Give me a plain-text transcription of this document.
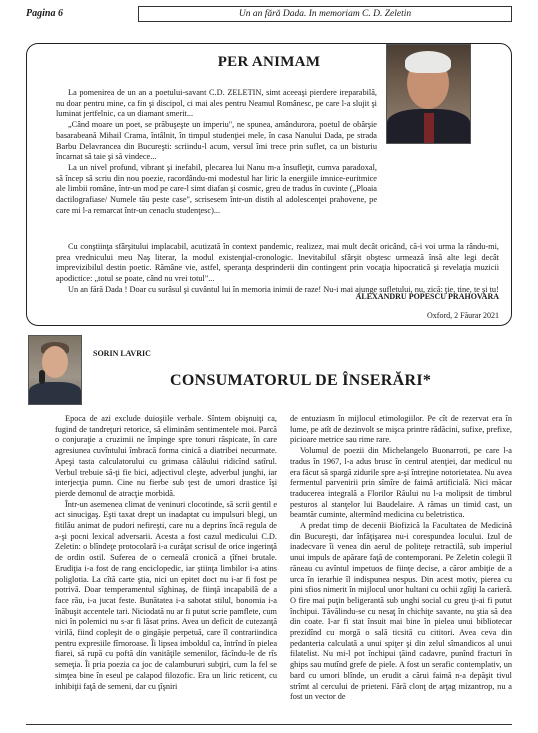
Pagina 6	Un an fără Dada. In memoriam C. D. Zeletin
PER ANIMAM

La pomenirea de un an a poetului-savant C.D. ZELETIN, simt aceeaşi pierdere ireparabilă, nu doar pentru mine, ca fin şi discipol, ci mai ales pentru Neamul Românesc, pe care l-a slujit şi luminat jertfelnic, ca un diamant smerit...

„Când moare un poet, se prăbuşeşte un imperiu", ne spunea, amândurora, poetul de obârşie basarabeană Mihail Crama, întâlnit, în timpul studenţiei mele, în casa Nanului Dada, pe strada Barbu Delavrancea din Bucureşti: scriindu-l acum, versul îmi trece prin suflet, ca un bisturiu încarnat să taie şi să vindece...

La un nivel profund, vibrant şi inefabil, plecarea lui Nanu m-a însufleţit, cumva paradoxal, să încep să scriu din nou poezie, racordându-mi modestul har liric la energiile imnice-euritmice ale limbii române, într-un mod pe care-l simt diafan şi cosmic, greu de tradus în cuvinte („Ploaia dactilografiase/ Numele tău peste case", scrisesem într-un distih al adolescenţei prahovene, pe care mi l-a remarcat într-un cenaclu studenţesc)...

Cu conştiinţa sfârşitului implacabil, acutizată în context pandemic, realizez, mai mult decât oricând, că-i voi urma la rându-mi, prea vrednicului meu Naş literar, la modul existenţial-cronologic. Inevitabilul sfârşit obştesc urmează însă alte legi decât imprevizibilul destin poetic. Rămâne vie, astfel, speranţa desprinderii din contingent prin vocaţia hipocratică şi revelaţia muzicii apodictice: „totul se poate, când nu vrei totul"...

Un an fără Dada ! Doar cu surâsul şi cuvântul lui în memoria inimii de raze! Nu-i mai ajunge sufletului, nu, zică: ţie, tine, te şi tu!

ALEXANDRU POPESCU PRAHOVARA
Oxford, 2 Făurar 2021
SORIN LAVRIC
CONSUMATORUL DE ÎNSERĂRI*

Epoca de azi exclude duioşiile verbale. Sîntem obişnuiţi ca, fugind de tandreţuri retorice, să eliminăm sentimentele moi. Parcă o conjuraţie a cruzimii ne împinge spre tonuri răspicate, în care agresiunea cuvîntului îmbracă forma cinică a diatribei necurmate. Apeşi tasta calculatorului cu grimasa călăului ridicînd satîrul. Verbul trebuie să-ţi fie bici, adjectivul cleşte, adverbul junghi, iar interjecţia pumn. Cine nu fierbe sub ţest de umori drastice îşi pierde demonul de atracţie morbidă.

Într-un asemenea climat de veninuri clocotinde, să scrii gentil e act sinucigaş. Eşti taxat drept un inadaptat cu impulsuri blegi, un fitilău animat de pudori nefireşti, care nu a deprins încă regula de a-şi pocni lexical adversarii. Acesta a fost cazul medicului C.D. Zeletin: o blîndeţe protocolară i-a curăţat scrisul de orice ingerinţă de ordin ostil. Suferea de o cerneală cronică a ţîfnei brutale. Erudiţia i-a fost de rang enciclopedic, iar ştiinţa limbilor i-a atins poliglotia. La cîtă carte ştia, nici un epitet doct nu i-ar fi fost pe potrivă. Doar temperamentul sîghinaş, de fiinţă incapabilă de a face rău, i-a jucat feste. Bunătatea i-a sabotat stilul, bonomia i-a înăbuşit accentele tari. Niciodată nu ar fi putut scrie pamflete, cum nici în polemici nu s-ar fi lăsat prins. Avea un deficit de cutezanţă virilă, fiind copleşit de o gingăşie perpetuă, care îl contrariindica pentru expresiile fîrnoroase. Îi lipsea imboldul ca, întrînd în pielea fiarei, să rupă cu poftă din vanităţile semenilor, făcîndu-le de rîs semeţia. Îi pria poezia ca joc de calambururi subţiri, cum la fel se simţea bine în eseul pe calapod filozofic. Era un liric reticent, cu inhibiţii faţă de semeni, dar cu ţîşniri

de entuziasm în mijlocul etimologiilor. Pe cît de rezervat era în lume, pe atît de dezinvolt se mişca printre rădăcini, sufixe, prefixe, picioare metrice sau rime rare.

Volumul de poezii din Michelangelo Buonarroti, pe care l-a tradus în 1967, l-a adus brusc în centrul atenţiei, dar medicul nu era făcut să spargă zidurile spre a-şi întreţine notorietatea. Nu avea fermentul parvenirii prin sîmîre de faimă artificială. Nici măcar traducerea integrală a Florilor Răului nu l-a molipsit de timbrul pesturos al stanţelor lui Baudelaire. A rămas un timid cast, un beamtăr cuminte, altermînd medicina cu beletristica.

A predat timp de decenii Biofizică la Facultatea de Medicină din Bucureşti, dar înfăţişarea nu-i corespundea locului. Izul de inadecvare îi venea din aerul de politeţe retractilă, sub imperiul unui impuls de apărare faţă de contemporani. Pe Zeletin colegii îl răneau cu avîntul impetuos de fiinţe decise, a căror ambiţie de a urca în ierarhie îl indispunea nespus. Din acest motiv, pierea cu pini sfios nimerit în mijlocul unor hultani cu ochii zgîiţi la carieră. O fire mai puţin beligerantă sub unghi social cu greu ţi-ai fi putut închipui. Tăvălindu-se cu nesaţ în chichiţe savante, nu ştia să dea din coate. I-ar fi stat însuit mai bine în pielea unui bibliotecar prezidînd cu morgă o sală ticsită cu cititori. Avea ceva din pedanteria calculată a unui spiţer şi din zelul sîmandicos al unui filatelist. Nu mi-l pot închipui ţăind cadavre, punînd fracturi în ghips sau mutînd grefe de piele. A fost un serafic contemplativ, un bard cu umori blînde, un erudit a cărui faimă n-a depăşit tivul strîmt al cercului de prieteni. Fără clonţ de arţag mizantrop, nu a fost un vector de
